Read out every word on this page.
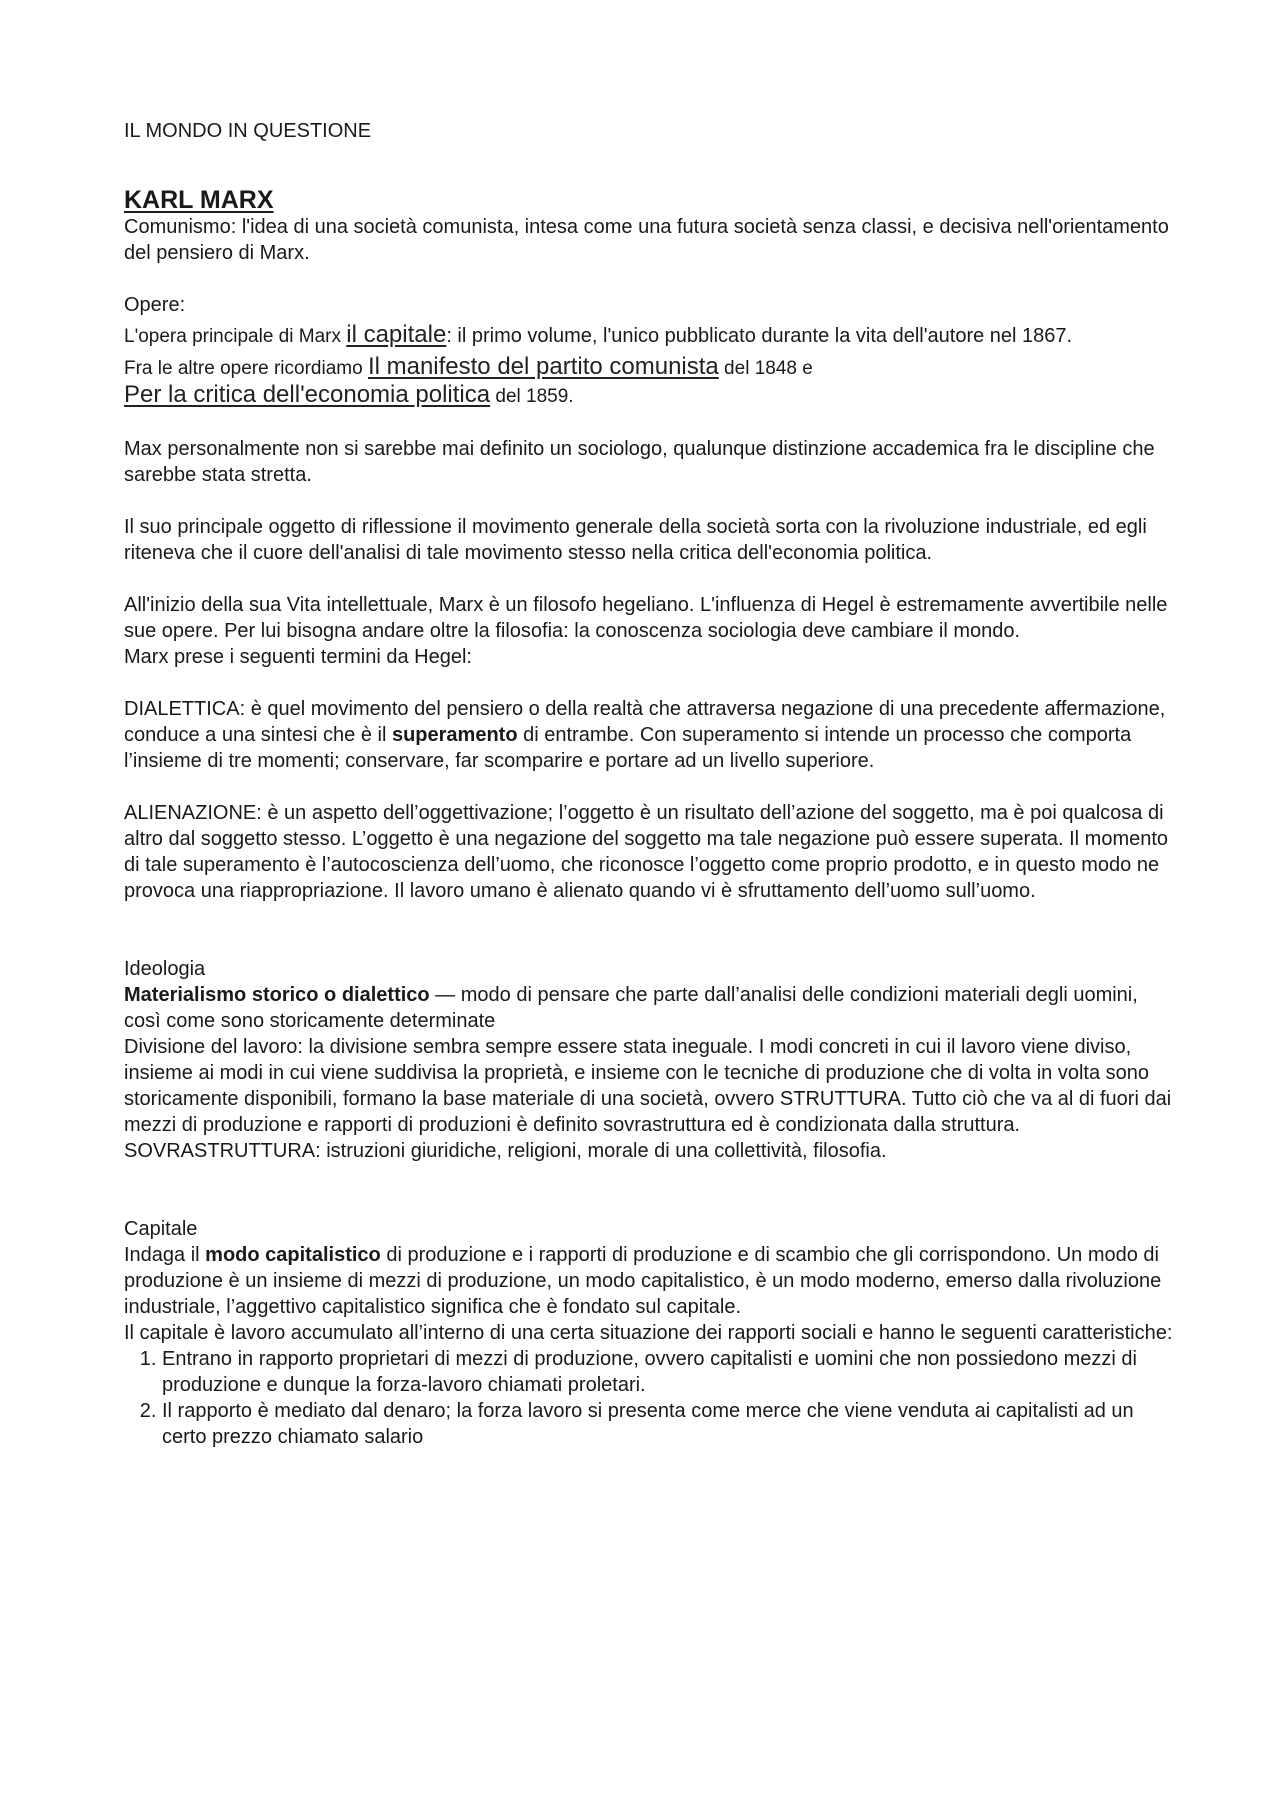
IL MONDO IN QUESTIONE

KARL MARX

Comunismo: l'idea di una società comunista, intesa come una futura società senza classi, e decisiva nell'orientamento del pensiero di Marx.

Opere:

L'opera principale di Marx il capitale: il primo volume, l'unico pubblicato durante la vita dell'autore nel 1867.

Fra le altre opere ricordiamo Il manifesto del partito comunista del 1848 e
Per la critica dell'economia politica del 1859.

Max personalmente non si sarebbe mai definito un sociologo, qualunque distinzione accademica fra le discipline che sarebbe stata stretta.

Il suo principale oggetto di riflessione il movimento generale della società sorta con la rivoluzione industriale, ed egli riteneva che il cuore dell'analisi di tale movimento stesso nella critica dell'economia politica.

All'inizio della sua Vita intellettuale, Marx è un filosofo hegeliano. L'influenza di Hegel è estremamente avvertibile nelle sue opere. Per lui bisogna andare oltre la filosofia: la conoscenza sociologia deve cambiare il mondo.

Marx prese i seguenti termini da Hegel:

DIALETTICA: è quel movimento del pensiero o della realtà che attraversa negazione di una precedente affermazione, conduce a una sintesi che è il superamento di entrambe. Con superamento si intende un processo che comporta l’insieme di tre momenti; conservare, far scomparire e portare ad un livello superiore.

ALIENAZIONE: è un aspetto dell’oggettivazione; l’oggetto è un risultato dell’azione del soggetto, ma è poi qualcosa di altro dal soggetto stesso. L’oggetto è una negazione del soggetto ma tale negazione può essere superata. Il momento di tale superamento è l’autocoscienza dell’uomo, che riconosce l’oggetto come proprio prodotto, e in questo modo ne provoca una riappropriazione. Il lavoro umano è alienato quando vi è sfruttamento dell’uomo sull’uomo.

Ideologia

Materialismo storico o dialettico — modo di pensare che parte dall’analisi delle condizioni materiali degli uomini, così come sono storicamente determinate

Divisione del lavoro: la divisione sembra sempre essere stata ineguale. I modi concreti in cui il lavoro viene diviso, insieme ai modi in cui viene suddivisa la proprietà, e insieme con le tecniche di produzione che di volta in volta sono storicamente disponibili, formano la base materiale di una società, ovvero STRUTTURA. Tutto ciò che va al di fuori dai mezzi di produzione e rapporti di produzioni è definito sovrastruttura ed è condizionata dalla struttura. SOVRASTRUTTURA: istruzioni giuridiche, religioni, morale di una collettività, filosofia.

Capitale

Indaga il modo capitalistico di produzione e i rapporti di produzione e di scambio che gli corrispondono. Un modo di produzione è un insieme di mezzi di produzione, un modo capitalistico, è un modo moderno, emerso dalla rivoluzione industriale, l’aggettivo capitalistico significa che è fondato sul capitale.

Il capitale è lavoro accumulato all’interno di una certa situazione dei rapporti sociali e hanno le seguenti caratteristiche:

1. Entrano in rapporto proprietari di mezzi di produzione, ovvero capitalisti e uomini che non possiedono mezzi di produzione e dunque la forza-lavoro chiamati proletari.
2. Il rapporto è mediato dal denaro; la forza lavoro si presenta come merce che viene venduta ai capitalisti ad un certo prezzo chiamato salario
